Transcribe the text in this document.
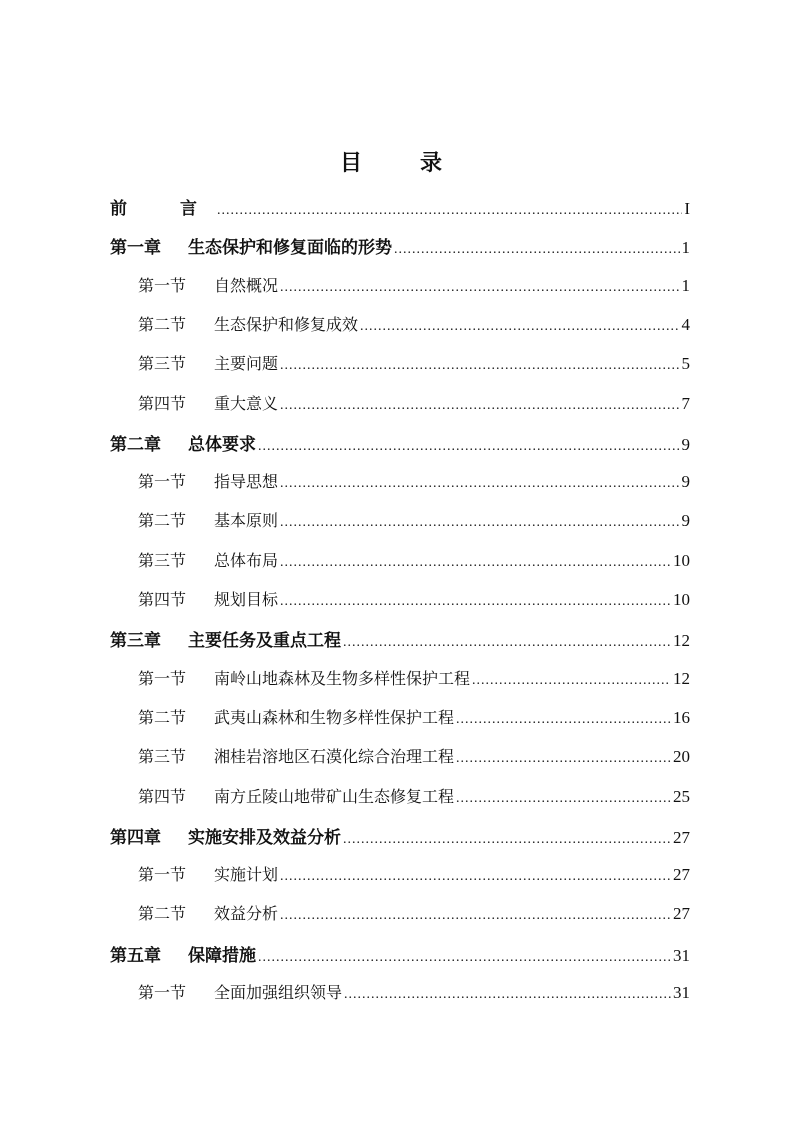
目　录
前　言 .....	I
第一章 生态保护和修复面临的形势 .....	1
第一节 自然概况 .....	1
第二节 生态保护和修复成效 .....	4
第三节 主要问题 .....	5
第四节 重大意义 .....	7
第二章 总体要求 .....	9
第一节 指导思想 .....	9
第二节 基本原则 .....	9
第三节 总体布局 .....	10
第四节 规划目标 .....	10
第三章 主要任务及重点工程 .....	12
第一节 南岭山地森林及生物多样性保护工程 .....	12
第二节 武夷山森林和生物多样性保护工程 .....	16
第三节 湘桂岩溶地区石漠化综合治理工程 .....	20
第四节 南方丘陵山地带矿山生态修复工程 .....	25
第四章 实施安排及效益分析 .....	27
第一节 实施计划 .....	27
第二节 效益分析 .....	27
第五章 保障措施 .....	31
第一节 全面加强组织领导 .....	31
